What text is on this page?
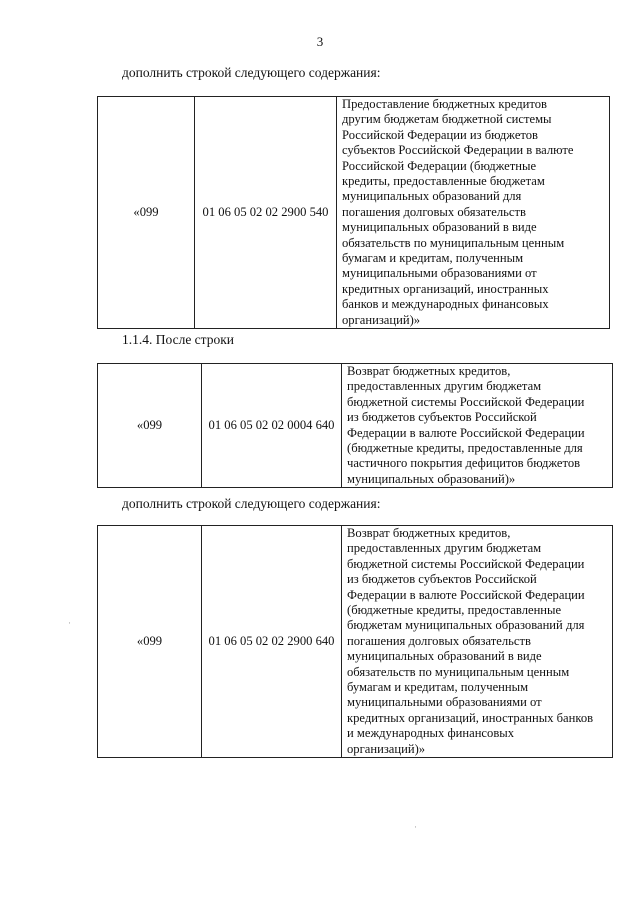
3
дополнить строкой следующего содержания:
«099	01 06 05 02 02 2900 540	
Предоставление бюджетных кредитов
другим бюджетам бюджетной системы
Российской Федерации из бюджетов
субъектов Российской Федерации в валюте
Российской Федерации (бюджетные
кредиты, предоставленные бюджетам
муниципальных образований для
погашения долговых обязательств
муниципальных образований в виде
обязательств по муниципальным ценным
бумагам и кредитам, полученным
муниципальными образованиями от
кредитных организаций, иностранных
банков и международных финансовых
организаций)»
1.1.4. После строки
«099	01 06 05 02 02 0004 640	
Возврат бюджетных кредитов,
предоставленных другим бюджетам
бюджетной системы Российской Федерации
из бюджетов субъектов Российской
Федерации в валюте Российской Федерации
(бюджетные кредиты, предоставленные для
частичного покрытия дефицитов бюджетов
муниципальных образований)»
дополнить строкой следующего содержания:
«099	01 06 05 02 02 2900 640	
Возврат бюджетных кредитов,
предоставленных другим бюджетам
бюджетной системы Российской Федерации
из бюджетов субъектов Российской
Федерации в валюте Российской Федерации
(бюджетные кредиты, предоставленные
бюджетам муниципальных образований для
погашения долговых обязательств
муниципальных образований в виде
обязательств по муниципальным ценным
бумагам и кредитам, полученным
муниципальными образованиями от
кредитных организаций, иностранных банков
и международных финансовых
организаций)»
·
·
